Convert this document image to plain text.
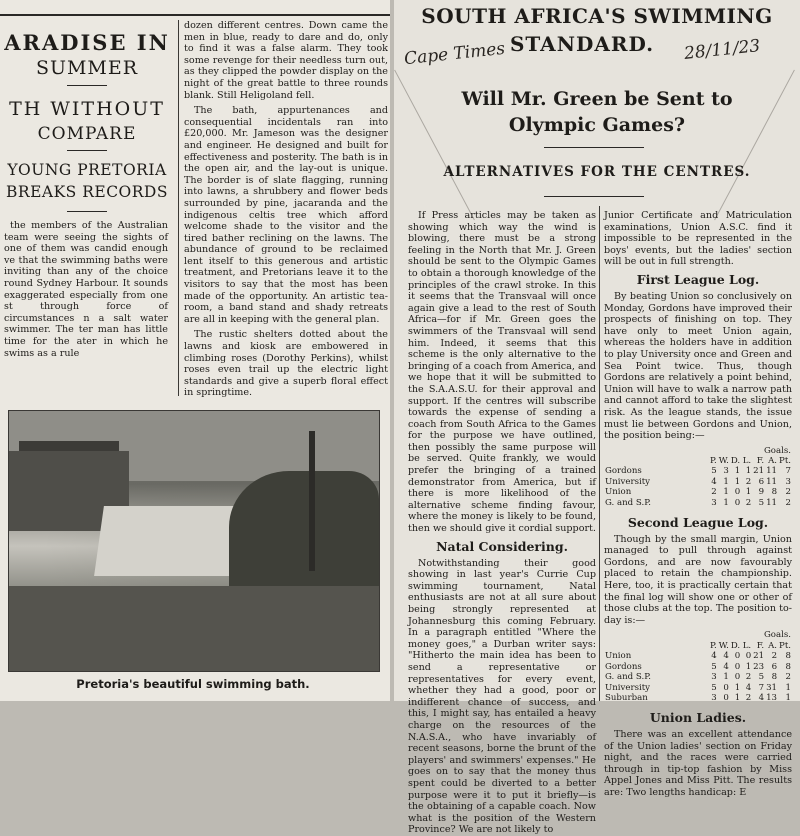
ARADISE IN
SUMMER
TH WITHOUT
COMPARE
YOUNG PRETORIA
BREAKS RECORDS

the members of the Australian team were seeing the sights of one of them was candid enough ve that the swimming baths were inviting than any of the choice round Sydney Harbour. It sounds exaggerated especially from one st through force of circumstances n a salt water swimmer. The ter man has little time for the ater in which he swims as a rule

dozen different centres. Down came the men in blue, ready to dare and do, only to find it was a false alarm. They took some revenge for their needless turn out, as they clipped the powder display on the night of the great battle to three rounds blank. Still Heligoland fell.

The bath, appurtenances and consequential incidentals ran into £20,000. Mr. Jameson was the designer and engineer. He designed and built for effectiveness and posterity. The bath is in the open air, and the lay-out is unique. The border is of slate flagging, running into lawns, a shrubbery and flower beds surrounded by pine, jacaranda and the indigenous celtis tree which afford welcome shade to the visitor and the tired bather reclining on the lawns. The abundance of ground to be reclaimed lent itself to this generous and artistic treatment, and Pretorians leave it to the visitors to say that the most has been made of the opportunity. An artistic tea-room, a band stand and shady retreats are all in keeping with the general plan.

The rustic shelters dotted about the lawns and kiosk are embowered in climbing roses (Dorothy Perkins), whilst roses even trail up the electric light standards and give a superb floral effect in springtime.

Pretoria's beautiful swimming bath.
SOUTH AFRICA'S SWIMMING
STANDARD.
Cape Times	28/11/23
Will Mr. Green be Sent to
Olympic Games?
ALTERNATIVES FOR THE CENTRES.

If Press articles may be taken as showing which way the wind is blowing, there must be a strong feeling in the North that Mr. J. Green should be sent to the Olympic Games to obtain a thorough knowledge of the principles of the crawl stroke. In this it seems that the Transvaal will once again give a lead to the rest of South Africa—for if Mr. Green goes the swimmers of the Transvaal will send him. Indeed, it seems that this scheme is the only alternative to the bringing of a coach from America, and we hope that it will be submitted to the S.A.A.S.U. for their approval and support. If the centres will subscribe towards the expense of sending a coach from South Africa to the Games for the purpose we have outlined, then possibly the same purpose will be served. Quite frankly, we would prefer the bringing of a trained demonstrator from America, but if there is more likelihood of the alternative scheme finding favour, where the money is likely to be found, then we should give it cordial support.

Natal Considering.

Notwithstanding their good showing in last year's Currie Cup swimming tournament, Natal enthusiasts are not at all sure about being strongly represented at Johannesburg this coming February. In a paragraph entitled "Where the money goes," a Durban writer says: "Hitherto the main idea has been to send a representative or representatives for every event, whether they had a good, poor or indifferent chance of success, and this, I might say, has entailed a heavy charge on the resources of the N.A.S.A., who have invariably of recent seasons, borne the brunt of the players' and swimmers' expenses." He goes on to say that the money thus spent could be diverted to a better purpose were it to put it briefly—is the obtaining of a capable coach. Now what is the position of the Western Province? We are not likely to

Junior Certificate and Matriculation examinations, Union A.S.C. find it impossible to be represented in the boys' events, but the ladies' section will be out in full strength.

First League Log.

By beating Union so conclusively on Monday, Gordons have improved their prospects of finishing on top. They have only to meet Union again, whereas the holders have in addition to play University once and Green and Sea Point twice. Thus, though Gordons are relatively a point behind, Union will have to walk a narrow path and cannot afford to take the slightest risk. As the league stands, the issue must lie between Gordons and Union, the position being:—

	Goals.						
	P.	W.	D.	L.	F.	A.	Pt.
Gordons	5	3	1	1	21	11	7
University	4	1	1	2	6	11	3
Union	2	1	0	1	9	8	2
G. and S.P.	3	1	0	2	5	11	2
Second League Log.

Though by the small margin, Union managed to pull through against Gordons, and are now favourably placed to retain the championship. Here, too, it is practically certain that the final log will show one or other of those clubs at the top. The position to-day is:—

	Goals.						
	P.	W.	D.	L.	F.	A.	Pt.
Union	4	4	0	0	21	2	8
Gordons	5	4	0	1	23	6	8
G. and S.P.	3	1	0	2	5	8	2
University	5	0	1	4	7	31	1
Suburban	3	0	1	2	4	13	1
Union Ladies.

There was an excellent attendance of the Union ladies' section on Friday night, and the races were carried through in tip-top fashion by Miss Appel Jones and Miss Pitt. The results are: Two lengths handicap: E
